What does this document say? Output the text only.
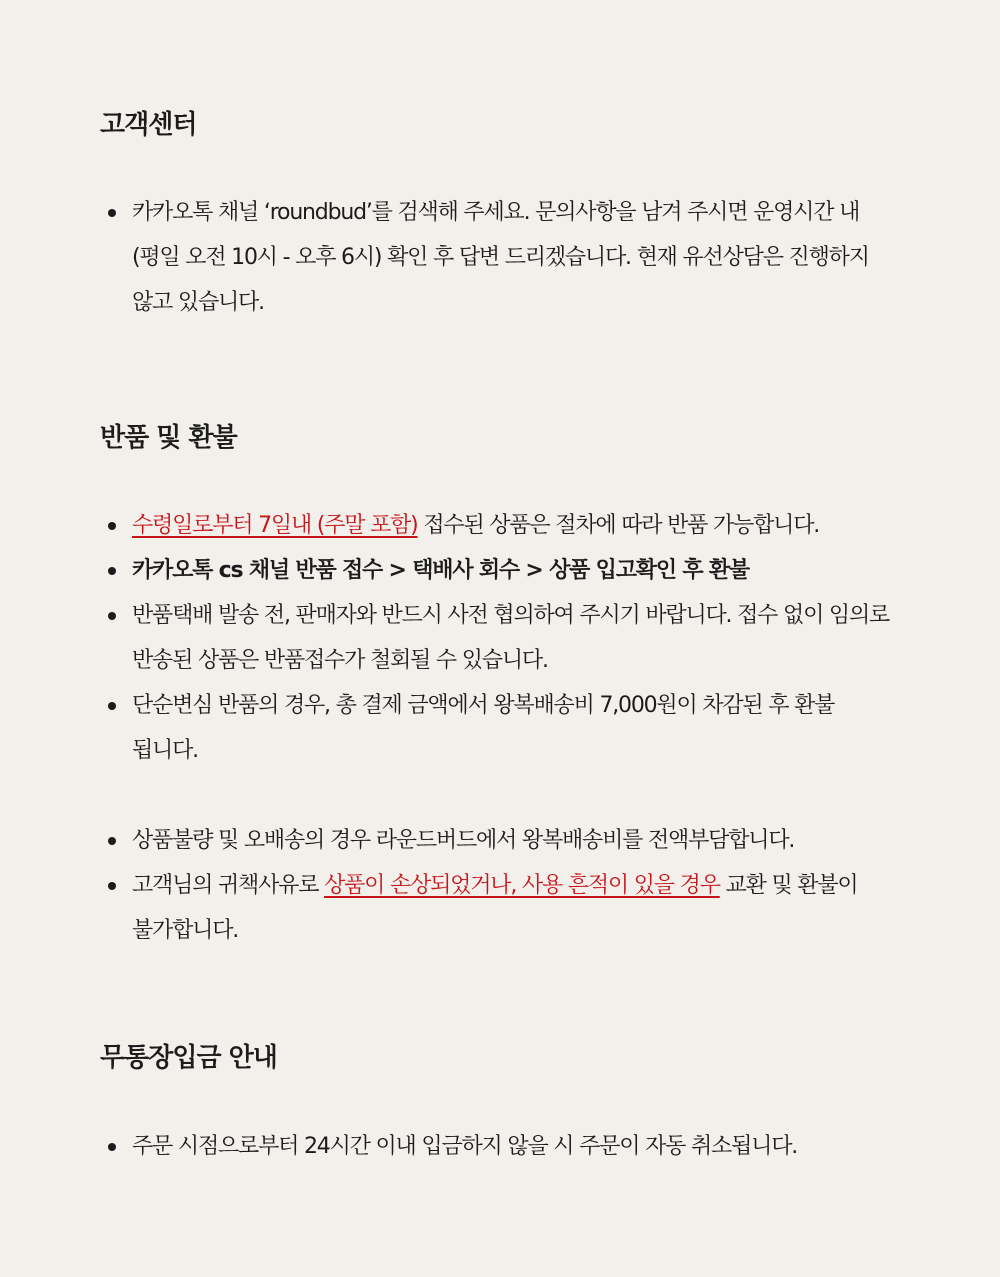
고객센터
카카오톡 채널 ‘roundbud’를 검색해 주세요. 문의사항을 남겨 주시면 운영시간 내(평일 오전 10시 - 오후 6시) 확인 후 답변 드리겠습니다. 현재 유선상담은 진행하지 않고 있습니다.
반품 및 환불
수령일로부터 7일내 (주말 포함) 접수된 상품은 절차에 따라 반품 가능합니다.
카카오톡 cs 채널 반품 접수 > 택배사 회수 > 상품 입고확인 후 환불
반품택배 발송 전, 판매자와 반드시 사전 협의하여 주시기 바랍니다. 접수 없이 임의로 반송된 상품은 반품접수가 철회될 수 있습니다.
단순변심 반품의 경우, 총 결제 금액에서 왕복배송비 7,000원이 차감된 후 환불 됩니다.
상품불량 및 오배송의 경우 라운드버드에서 왕복배송비를 전액부담합니다.
고객님의 귀책사유로 상품이 손상되었거나, 사용 흔적이 있을 경우 교환 및 환불이 불가합니다.
무통장입금 안내
주문 시점으로부터 24시간 이내 입금하지 않을 시 주문이 자동 취소됩니다.
